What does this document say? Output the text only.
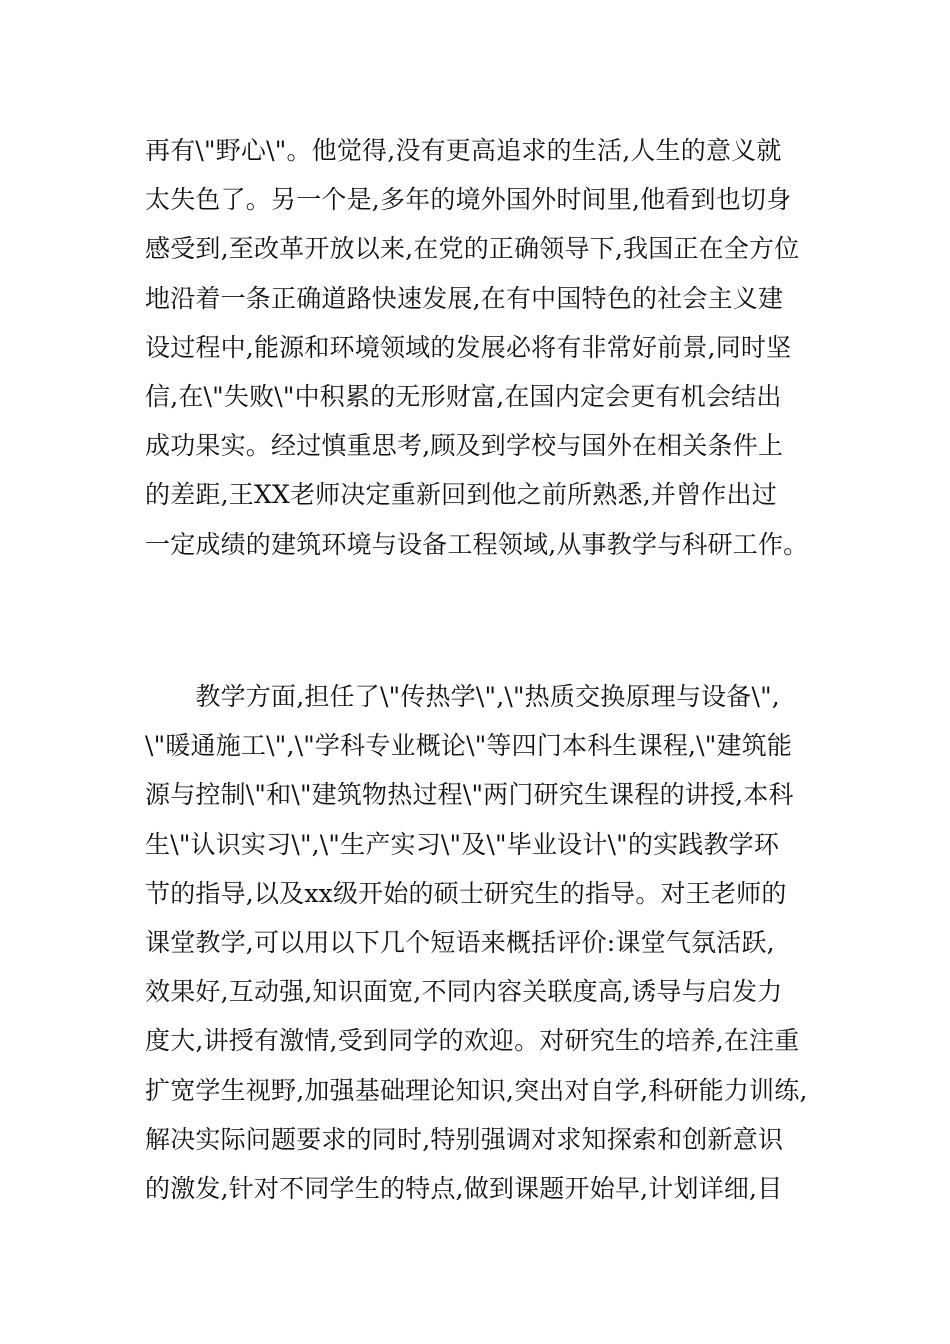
再有\"野心\"。他觉得,没有更高追求的生活,人生的意义就
太失色了。另一个是,多年的境外国外时间里,他看到也切身
感受到,至改革开放以来,在党的正确领导下,我国正在全方位
地沿着一条正确道路快速发展,在有中国特色的社会主义建
设过程中,能源和环境领域的发展必将有非常好前景,同时坚
信,在\"失败\"中积累的无形财富,在国内定会更有机会结出
成功果实。经过慎重思考,顾及到学校与国外在相关条件上
的差距,王XX老师决定重新回到他之前所熟悉,并曾作出过
一定成绩的建筑环境与设备工程领域,从事教学与科研工作。
　　教学方面,担任了\"传热学\",\"热质交换原理与设备\",
\"暖通施工\",\"学科专业概论\"等四门本科生课程,\"建筑能
源与控制\"和\"建筑物热过程\"两门研究生课程的讲授,本科
生\"认识实习\",\"生产实习\"及\"毕业设计\"的实践教学环
节的指导,以及xx级开始的硕士研究生的指导。对王老师的
课堂教学,可以用以下几个短语来概括评价:课堂气氛活跃,
效果好,互动强,知识面宽,不同内容关联度高,诱导与启发力
度大,讲授有激情,受到同学的欢迎。对研究生的培养,在注重
扩宽学生视野,加强基础理论知识,突出对自学,科研能力训练,
解决实际问题要求的同时,特别强调对求知探索和创新意识
的激发,针对不同学生的特点,做到课题开始早,计划详细,目
